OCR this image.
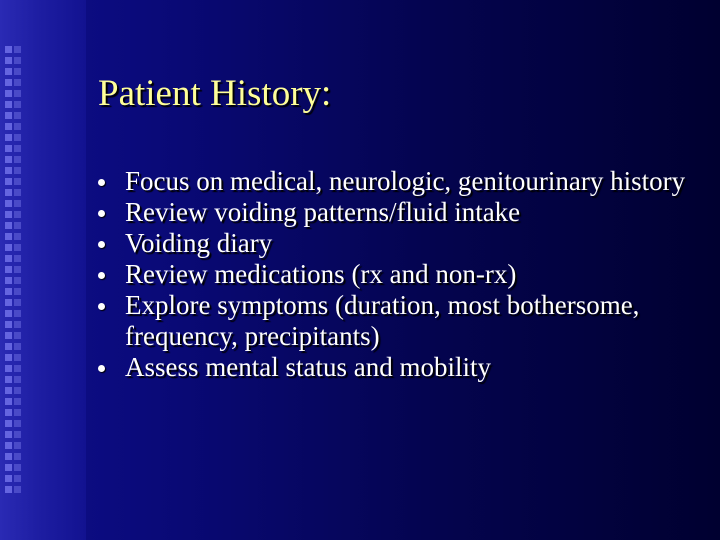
Patient History:
Focus on medical, neurologic, genitourinary history
Review voiding patterns/fluid intake
Voiding diary
Review medications (rx and non-rx)
Explore symptoms (duration, most bothersome, frequency, precipitants)
Assess mental status and mobility
